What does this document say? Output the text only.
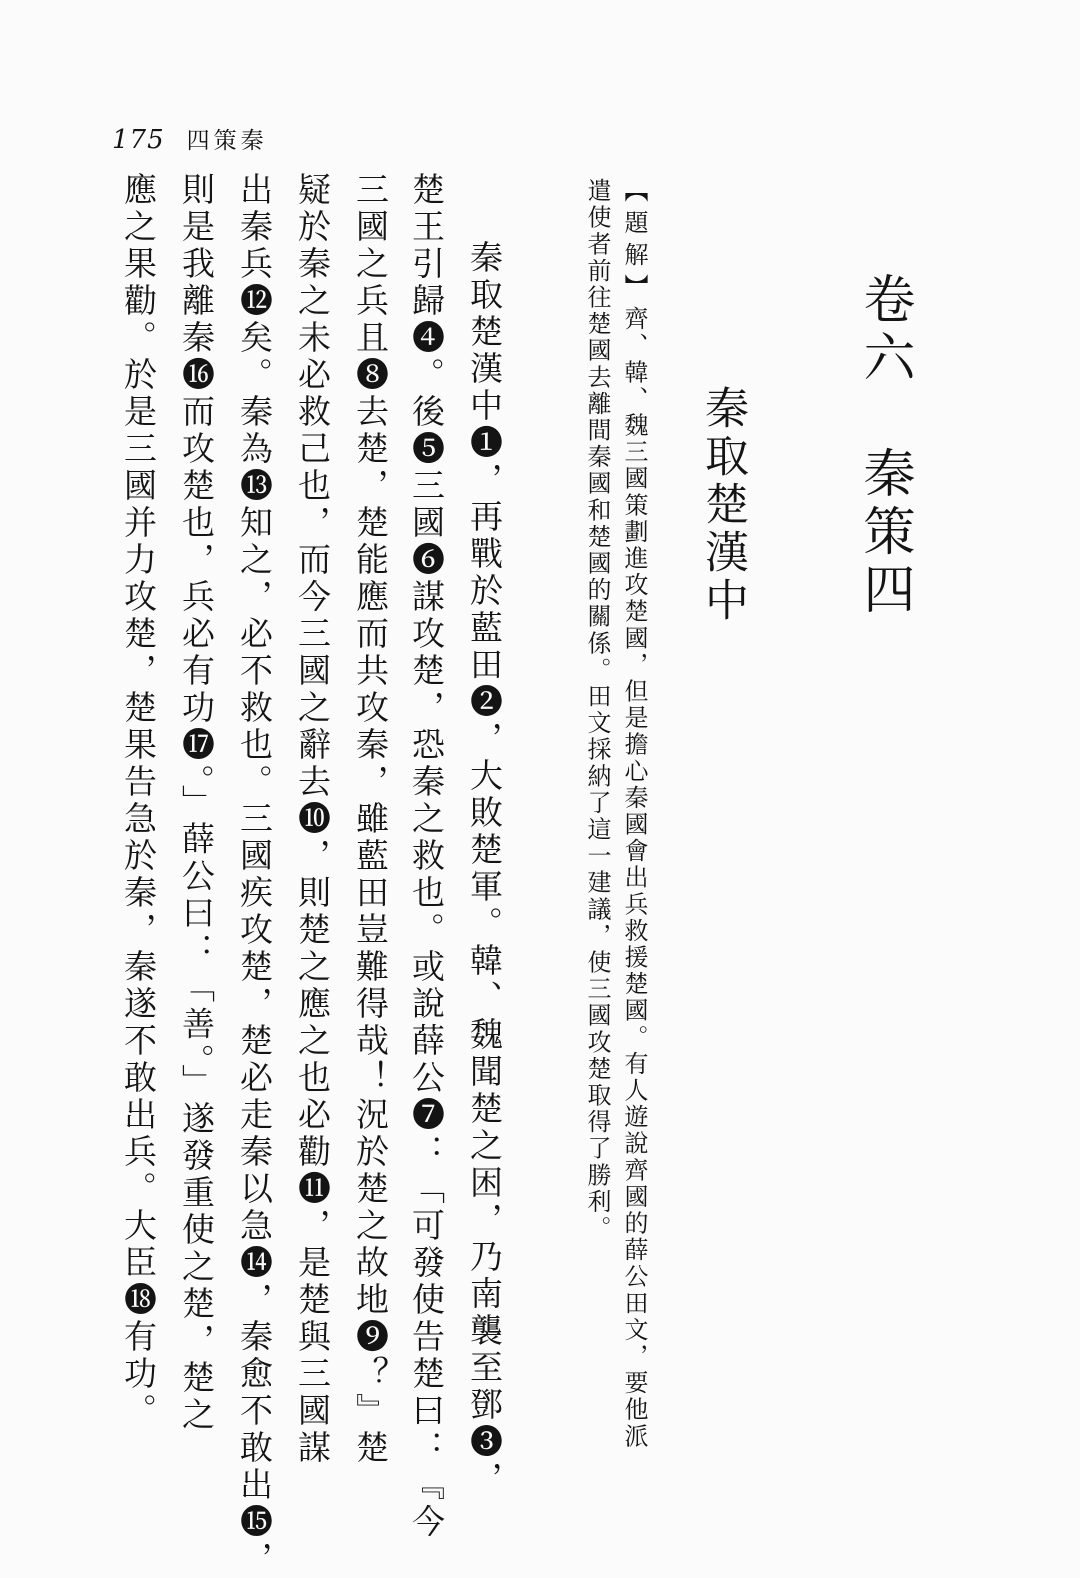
175 四策秦
卷六　秦策四
秦取楚漢中
【題解】齊、韓、魏三國策劃進攻楚國，但是擔心秦國會出兵救援楚國。有人遊說齊國的薛公田文，要他派
遣使者前往楚國去離間秦國和楚國的關係。田文採納了這一建議，使三國攻楚取得了勝利。
秦取楚漢中❶，再戰於藍田❷，大敗楚軍。韓、魏聞楚之困，乃南襲至鄧❸，
楚王引歸❹。後❺三國❻謀攻楚，恐秦之救也。或說薛公❼：「可發使告楚曰：『今
三國之兵且❽去楚，楚能應而共攻秦，雖藍田豈難得哉！況於楚之故地❾？』楚
疑於秦之未必救己也，而今三國之辭去❿，則楚之應之也必勸⓫，是楚與三國謀
出秦兵⓬矣。秦為⓭知之，必不救也。三國疾攻楚，楚必走秦以急⓮，秦愈不敢出⓯，
則是我離秦⓰而攻楚也，兵必有功⓱。」薛公曰：「善。」遂發重使之楚，楚之
應之果勸。於是三國并力攻楚，楚果告急於秦，秦遂不敢出兵。大臣⓲有功。
